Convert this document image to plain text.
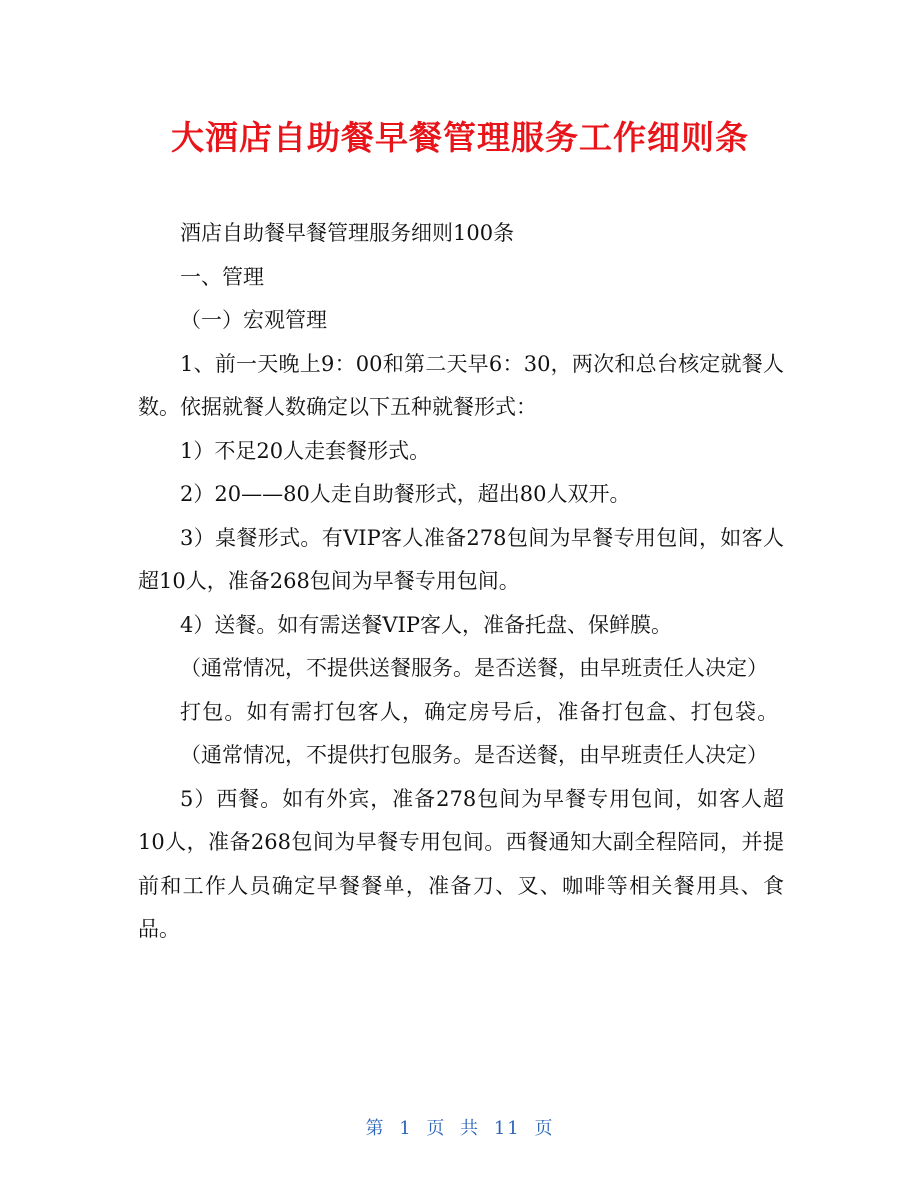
大酒店自助餐早餐管理服务工作细则条

酒店自助餐早餐管理服务细则100条

一、管理

（一）宏观管理

1、前一天晚上9：00和第二天早6：30，两次和总台核定就餐人数。依据就餐人数确定以下五种就餐形式：

1）不足20人走套餐形式。

2）20——80人走自助餐形式，超出80人双开。

3）桌餐形式。有VIP客人准备278包间为早餐专用包间，如客人超10人，准备268包间为早餐专用包间。

4）送餐。如有需送餐VIP客人，准备托盘、保鲜膜。

（通常情况，不提供送餐服务。是否送餐，由早班责任人决定）

打包。如有需打包客人，确定房号后，准备打包盒、打包袋。

（通常情况，不提供打包服务。是否送餐，由早班责任人决定）

5）西餐。如有外宾，准备278包间为早餐专用包间，如客人超10人，准备268包间为早餐专用包间。西餐通知大副全程陪同，并提前和工作人员确定早餐餐单，准备刀、叉、咖啡等相关餐用具、食品。

第 1 页 共 11 页
